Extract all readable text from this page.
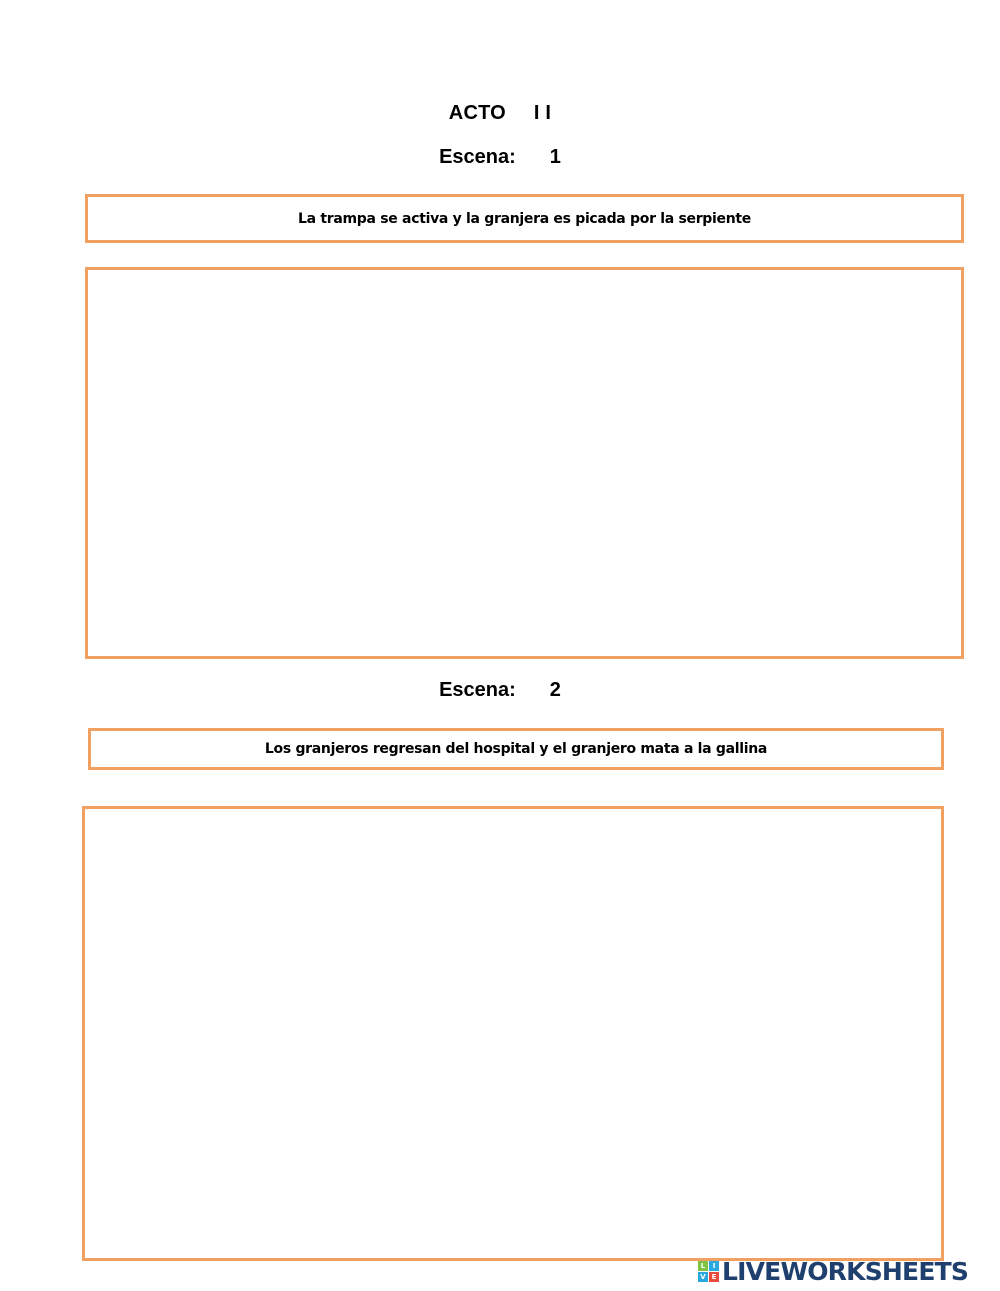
ACTO I I
Escena: 1
La trampa se activa y la granjera es picada por la serpiente
Escena: 2
Los granjeros regresan del hospital y el granjero mata a la gallina
L	I
V E LIVEWORKSHEETS
